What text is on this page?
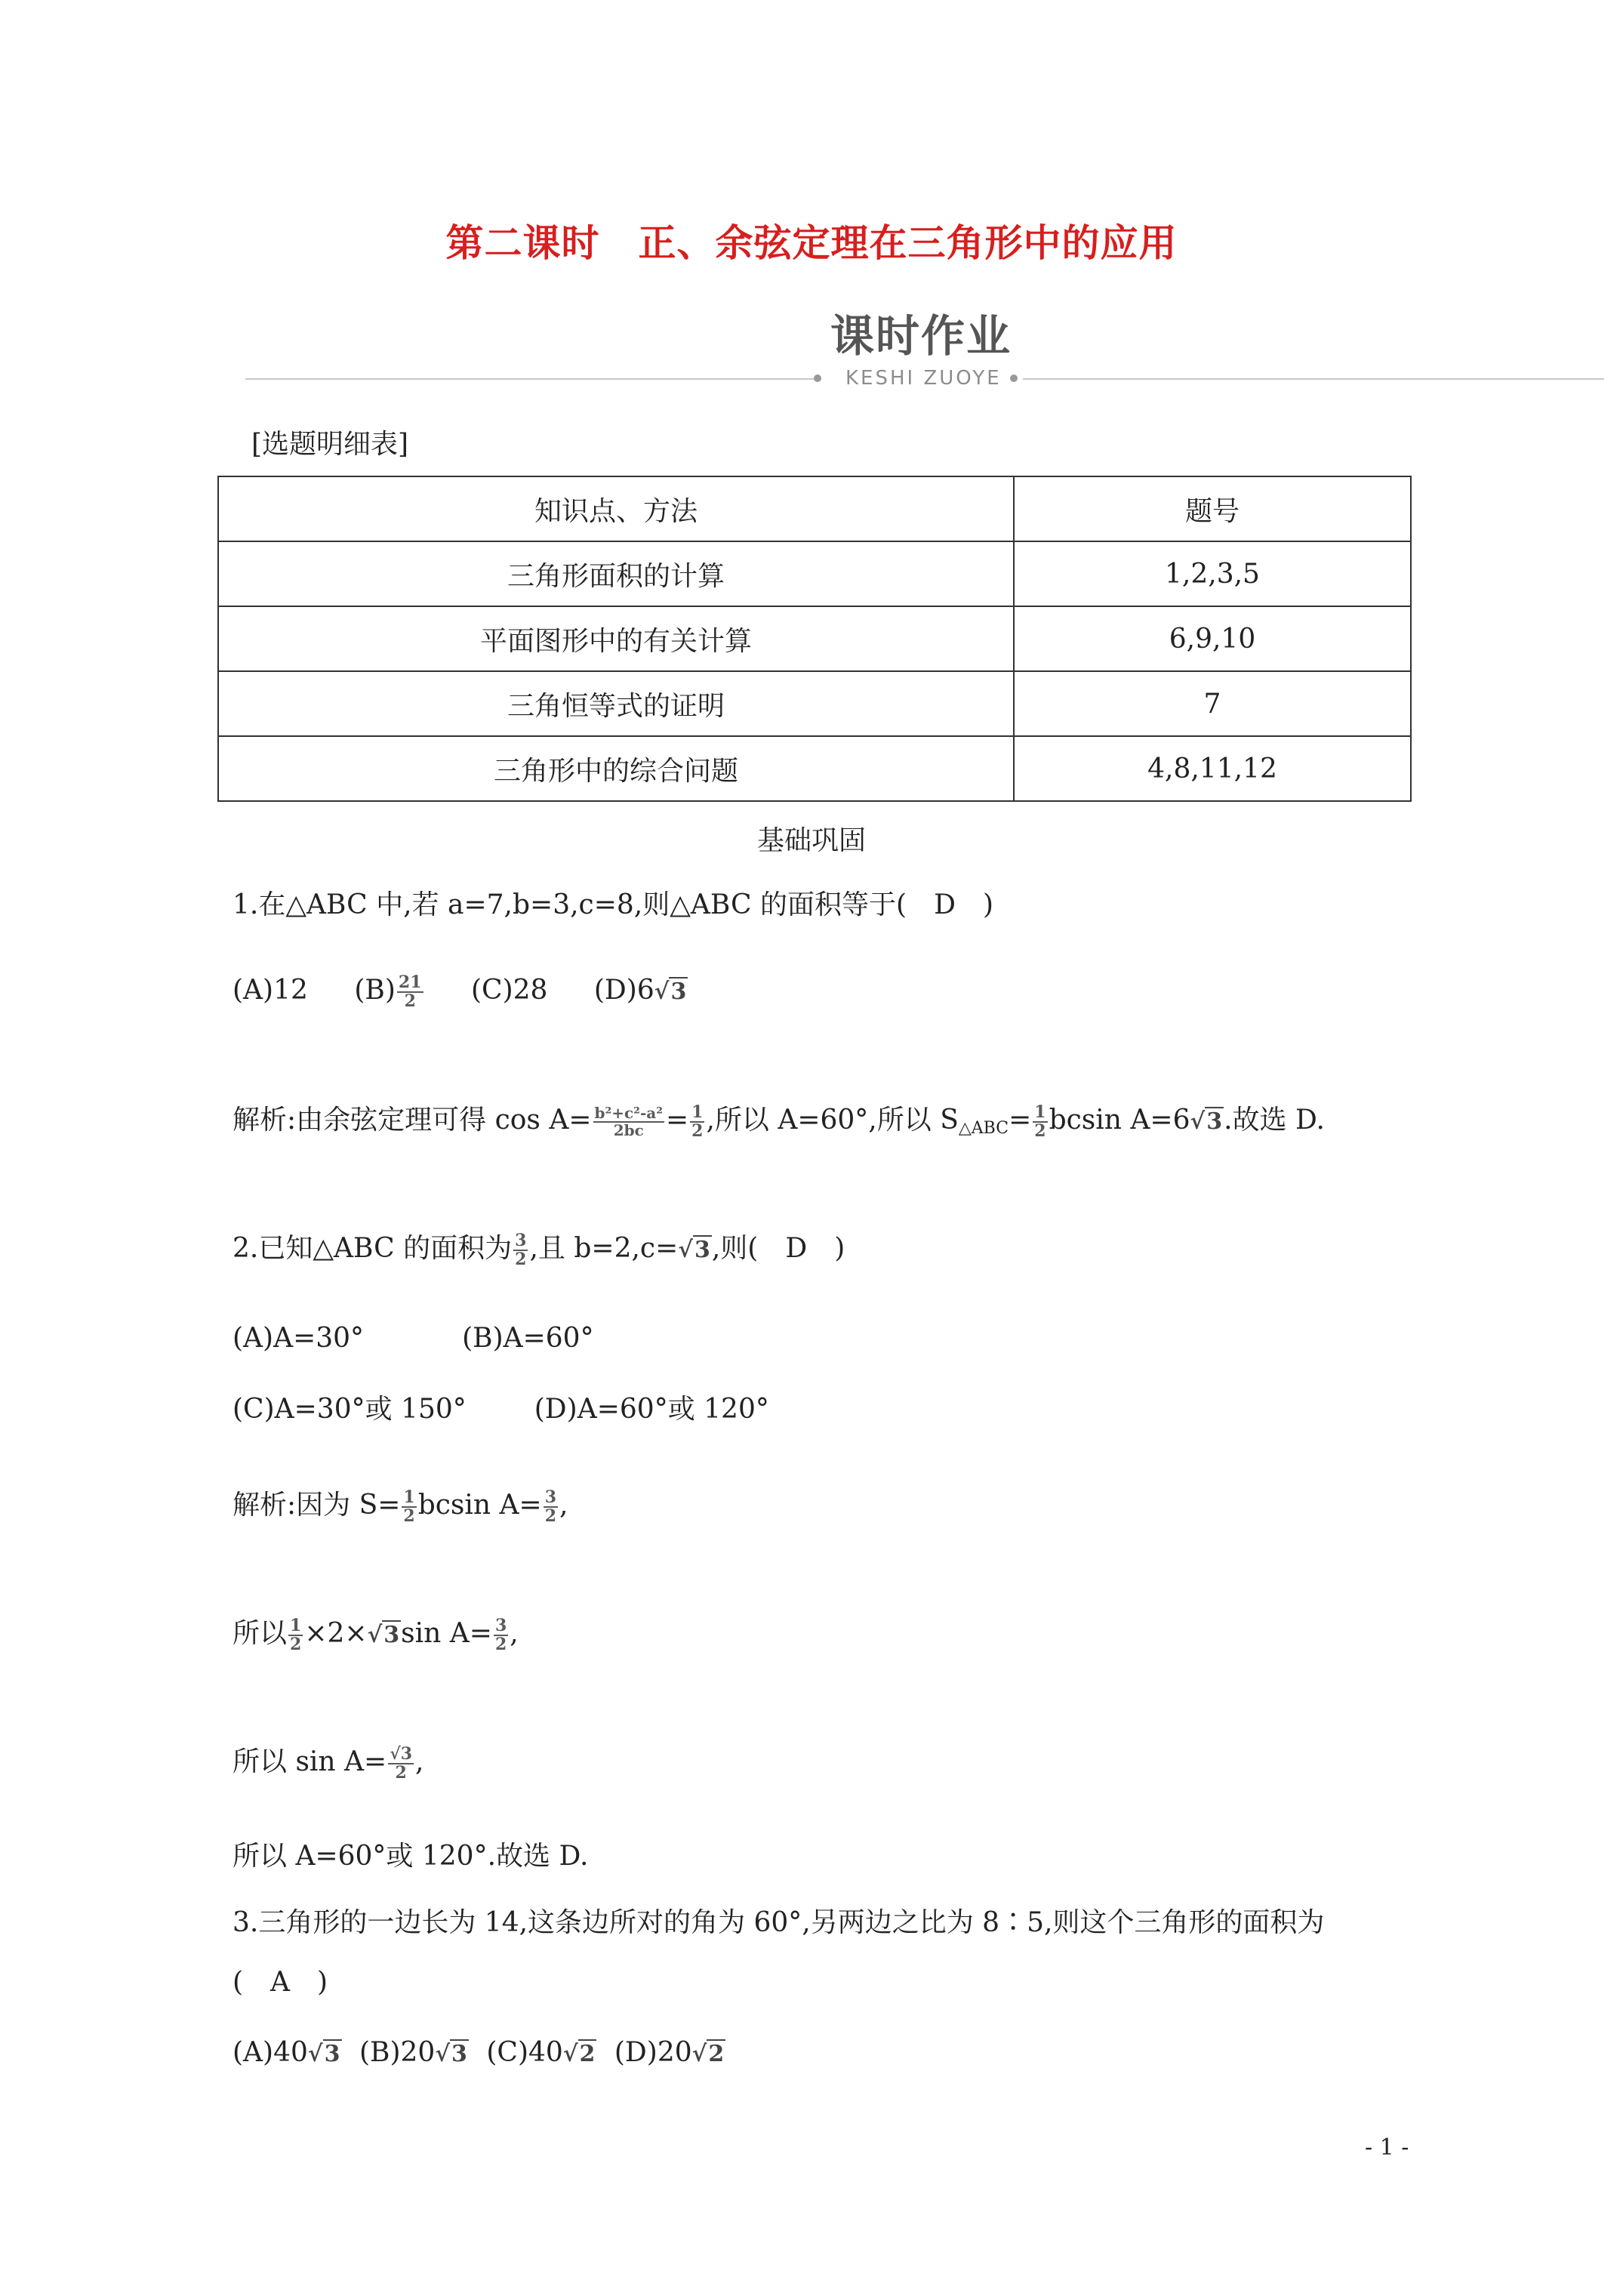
第二课时　正、余弦定理在三角形中的应用
课时作业
KESHI ZUOYE
[选题明细表]
知识点、方法	题号
三角形面积的计算	1,2,3,5
平面图形中的有关计算	6,9,10
三角恒等式的证明	7
三角形中的综合问题	4,8,11,12
基础巩固
1.在△ABC 中,若 a=7,b=3,c=8,则△ABC 的面积等于( D )
(A)12 $(B) \frac{21}{2} (C)28$ (D)6√3
解析:由余弦定理可得 $\cos A= \frac{\text{b²+c²-a²}}{2bc} = \frac{1}{2}$ ,所以 A=60°,所以 $S_{\triangle ABC}= \frac{1}{2}$ bcsin A=6√3.故选 D.
2.已知△ABC 的面积为 $\frac{3}{2}$ ,且 b=2,c=√3,则( D )
(A)A=30°	(B)A=60°
(C)A=30°或 150°	(D)A=60°或 120°
解析:因为 $S= \frac{1}{2}$ bcsin $A= \frac{3}{2}$ ,
所以 $\frac{1}{2} \times 2\times√3\sin$ $A= \frac{3}{2}$ ,
所以 $\sin A= \frac{√3}{2}$ ,
所以 A=60°或 120°.故选 D.
3.三角形的一边长为 14,这条边所对的角为 60°,另两边之比为 8∶5,则这个三角形的面积为
( A )
(A)40√3 (B)20√3 (C)40√2 (D)20√2
- 1 -
